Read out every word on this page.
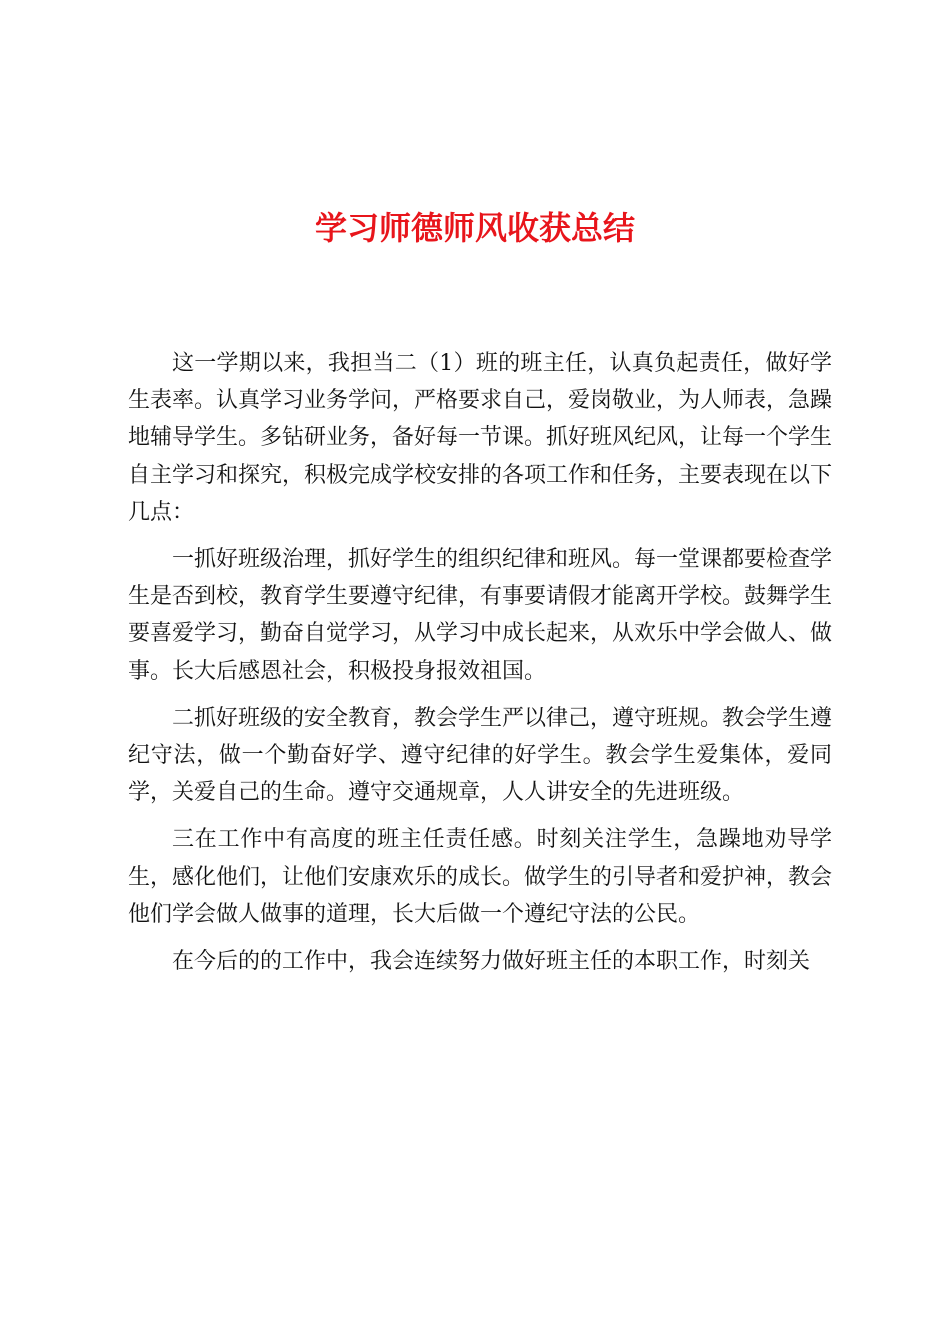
学习师德师风收获总结

这一学期以来，我担当二（1）班的班主任，认真负起责任，做好学生表率。认真学习业务学问，严格要求自己，爱岗敬业，为人师表，急躁地辅导学生。多钻研业务，备好每一节课。抓好班风纪风，让每一个学生自主学习和探究，积极完成学校安排的各项工作和任务，主要表现在以下几点：

一抓好班级治理，抓好学生的组织纪律和班风。每一堂课都要检查学生是否到校，教育学生要遵守纪律，有事要请假才能离开学校。鼓舞学生要喜爱学习，勤奋自觉学习，从学习中成长起来，从欢乐中学会做人、做事。长大后感恩社会，积极投身报效祖国。

二抓好班级的安全教育，教会学生严以律己，遵守班规。教会学生遵纪守法，做一个勤奋好学、遵守纪律的好学生。教会学生爱集体，爱同学，关爱自己的生命。遵守交通规章，人人讲安全的先进班级。

三在工作中有高度的班主任责任感。时刻关注学生，急躁地劝导学生，感化他们，让他们安康欢乐的成长。做学生的引导者和爱护神，教会他们学会做人做事的道理，长大后做一个遵纪守法的公民。

在今后的的工作中，我会连续努力做好班主任的本职工作，时刻关
